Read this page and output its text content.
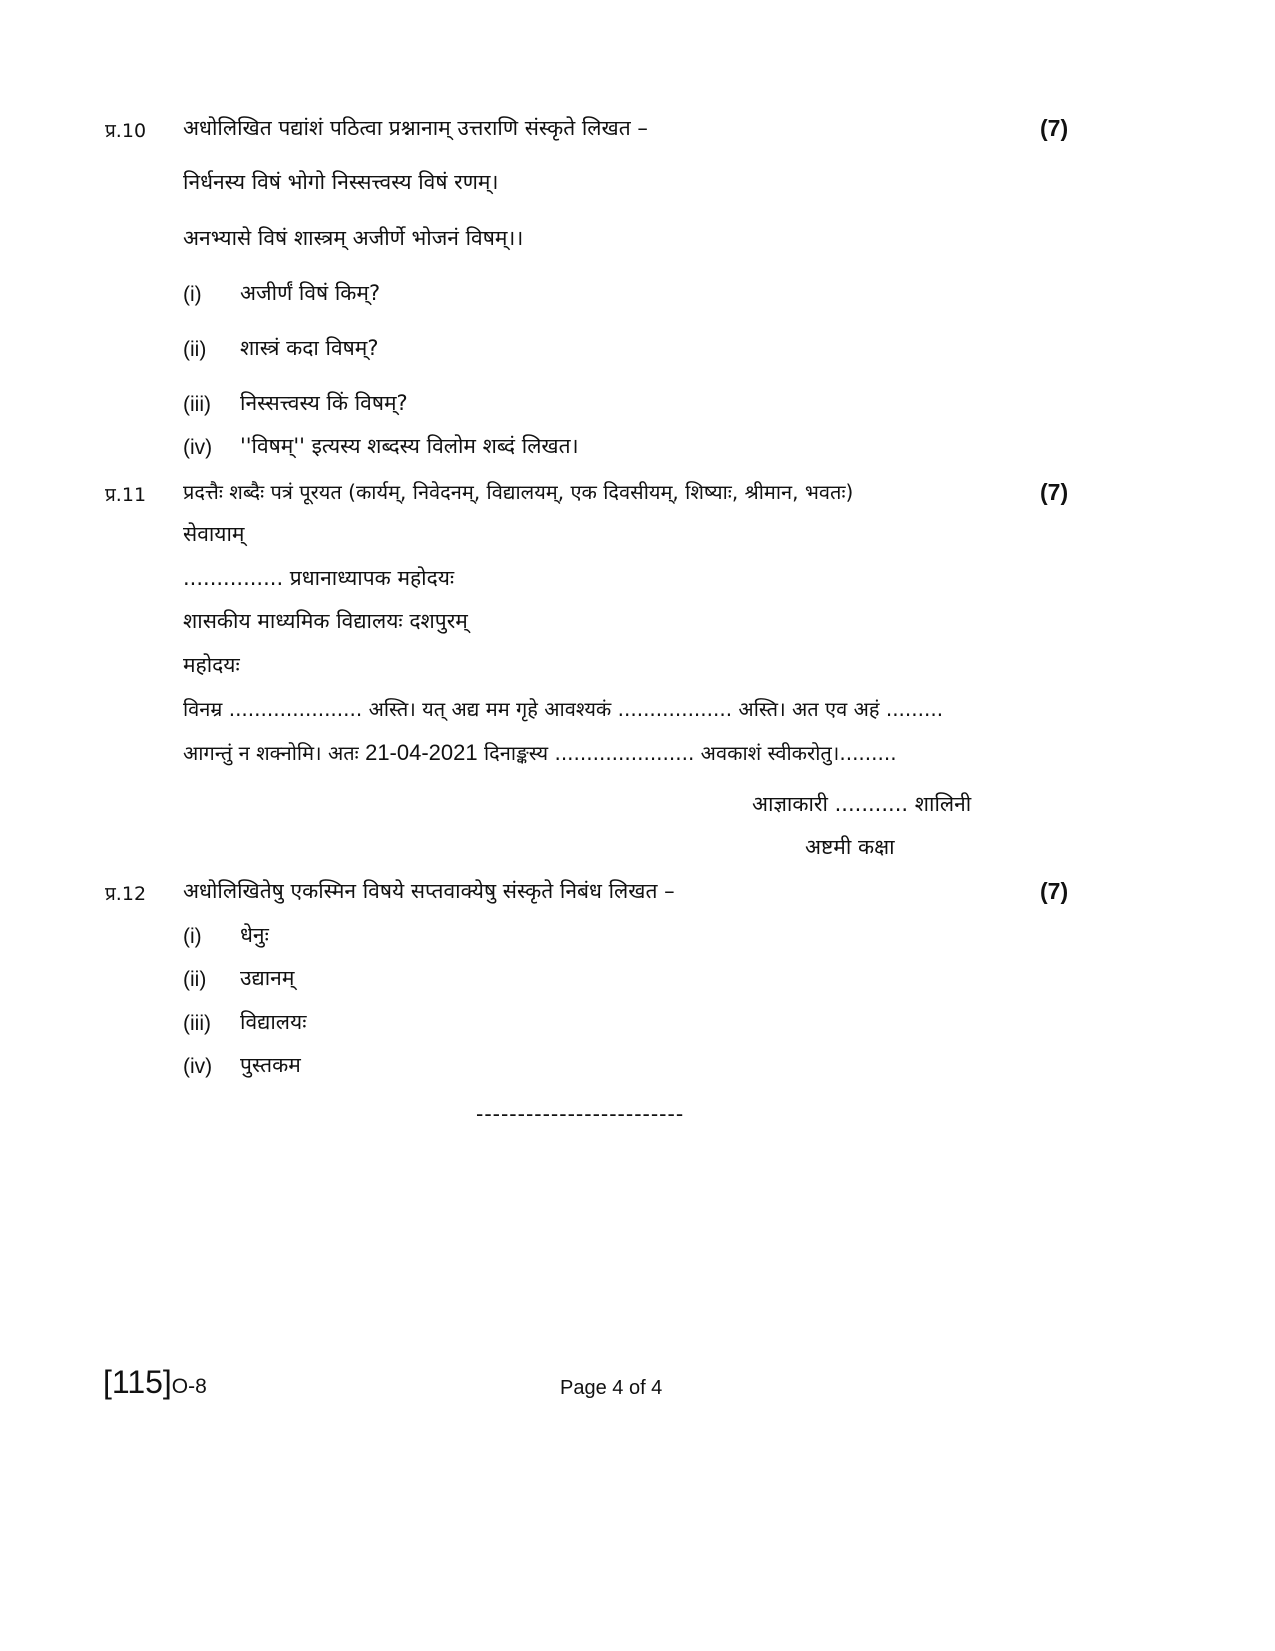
प्र.10 अधोलिखित पद्यांशं पठित्वा प्रश्नानाम् उत्तराणि संस्कृते लिखत –	(7)
निर्धनस्य विषं भोगो निस्सत्त्वस्य विषं रणम्।
अनभ्यासे विषं शास्त्रम् अजीर्णे भोजनं विषम्।।
(i) अजीर्णं विषं किम्?
(ii) शास्त्रं कदा विषम्?
(iii) निस्सत्त्वस्य किं विषम्?
(iv) ''विषम्'' इत्यस्य शब्दस्य विलोम शब्दं लिखत।
प्र.11 प्रदत्तैः शब्दैः पत्रं पूरयत (कार्यम्, निवेदनम्, विद्यालयम्, एक दिवसीयम्, शिष्याः, श्रीमान, भवतः)	(7)
सेवायाम्
............... प्रधानाध्यापक महोदयः
शासकीय माध्यमिक विद्यालयः दशपुरम्
महोदयः
विनम्र ..................... अस्ति। यत् अद्य मम गृहे आवश्यकं .................. अस्ति। अत एव अहं .........
आगन्तुं न शक्नोमि। अतः 21-04-2021 दिनाङ्कस्य ...................... अवकाशं स्वीकरोतु।.........
आज्ञाकारी ........... शालिनी
अष्टमी कक्षा
प्र.12 अधोलिखितेषु एकस्मिन विषये सप्तवाक्येषु संस्कृते निबंध लिखत –	(7)
(i) धेनुः
(ii) उद्यानम्
(iii) विद्यालयः
(iv) पुस्तकम
-------------------------
[115]O-8	Page 4 of 4
